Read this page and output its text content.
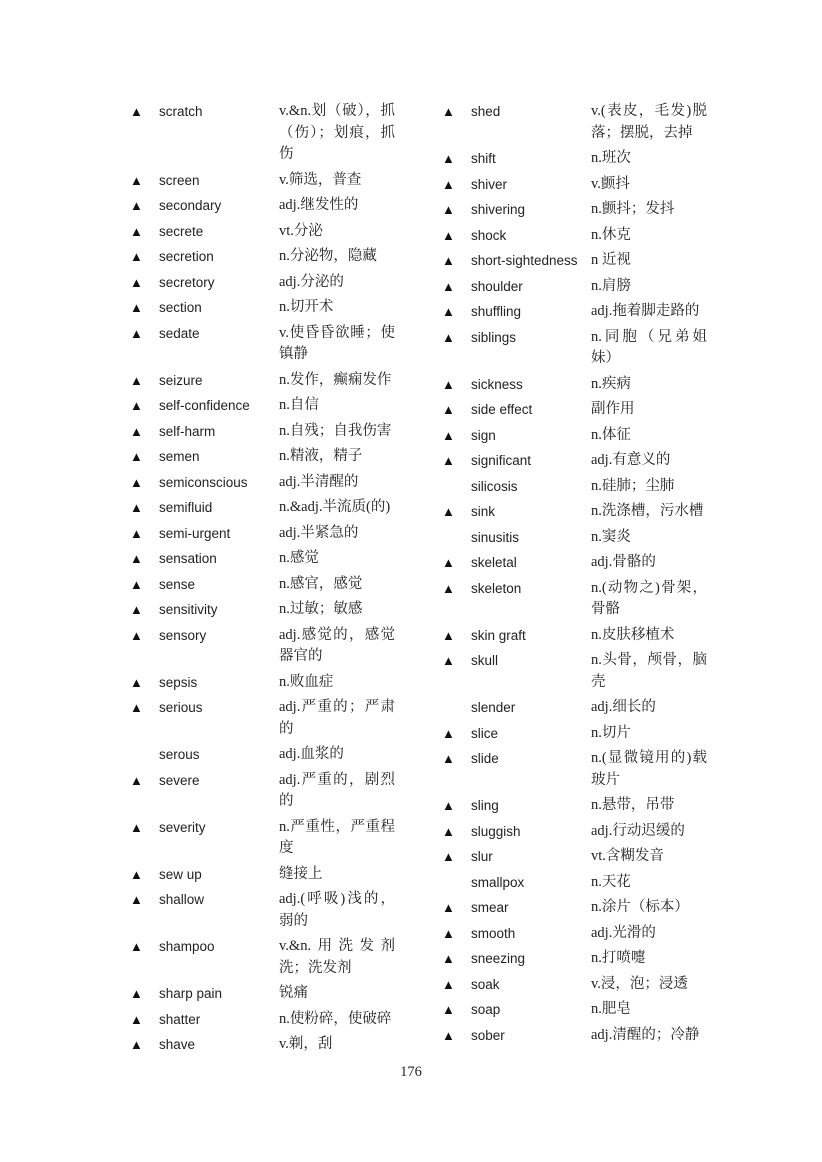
▲ scratch	v.&n.划（破），抓（伤）；划痕，抓伤
▲ screen	v.筛选，普查
▲ secondary	adj.继发性的
▲ secrete	vt.分泌
▲ secretion	n.分泌物，隐藏
▲ secretory	adj.分泌的
▲ section	n.切开术
▲ sedate	v.使昏昏欲睡；使镇静
▲ seizure	n.发作，癫痫发作
▲ self-confidence n.自信
▲ self-harm	n.自残；自我伤害
▲ semen	n.精液，精子
▲ semiconscious adj.半清醒的
▲ semifluid	n.&adj.半流质(的)
▲ semi-urgent	adj.半紧急的
▲ sensation	n.感觉
▲ sense	n.感官，感觉
▲ sensitivity	n.过敏；敏感
▲ sensory	adj.感觉的，感觉器官的
▲ sepsis	n.败血症
▲ serious	adj.严重的；严肃的
serous	adj.血浆的
▲ severe	adj.严重的，剧烈的
▲ severity	n.严重性，严重程度
▲ sew up	缝接上
▲ shallow	adj.(呼吸)浅的，弱的
▲ shampoo	v.&n.用洗发剂洗；洗发剂
▲ sharp pain	锐痛
▲ shatter	n.使粉碎，使破碎
▲ shave	v.剃，刮
▲ shed	v.(表皮，毛发)脱落；摆脱，去掉
▲ shift	n.班次
▲ shiver	v.颤抖
▲ shivering	n.颤抖；发抖
▲ shock	n.休克
▲ short-sightedness n 近视
▲ shoulder	n.肩膀
▲ shuffling	adj.拖着脚走路的
▲ siblings	n.同胞（兄弟姐妹）
▲ sickness	n.疾病
▲ side effect	副作用
▲ sign	n.体征
▲ significant	adj.有意义的
silicosis	n.硅肺；尘肺
▲ sink	n.洗涤槽，污水槽
sinusitis	n.窦炎
▲ skeletal	adj.骨骼的
▲ skeleton	n.(动物之)骨架，骨骼
▲ skin graft	n.皮肤移植术
▲ skull	n.头骨，颅骨，脑壳
slender	adj.细长的
▲ slice	n.切片
▲ slide	n.(显微镜用的)载玻片
▲ sling	n.悬带，吊带
▲ sluggish	adj.行动迟缓的
▲ slur	vt.含糊发音
smallpox	n.天花
▲ smear	n.涂片（标本）
▲ smooth	adj.光滑的
▲ sneezing	n.打喷嚏
▲ soak	v.浸，泡；浸透
▲ soap	n.肥皂
▲ sober	adj.清醒的；冷静
176
